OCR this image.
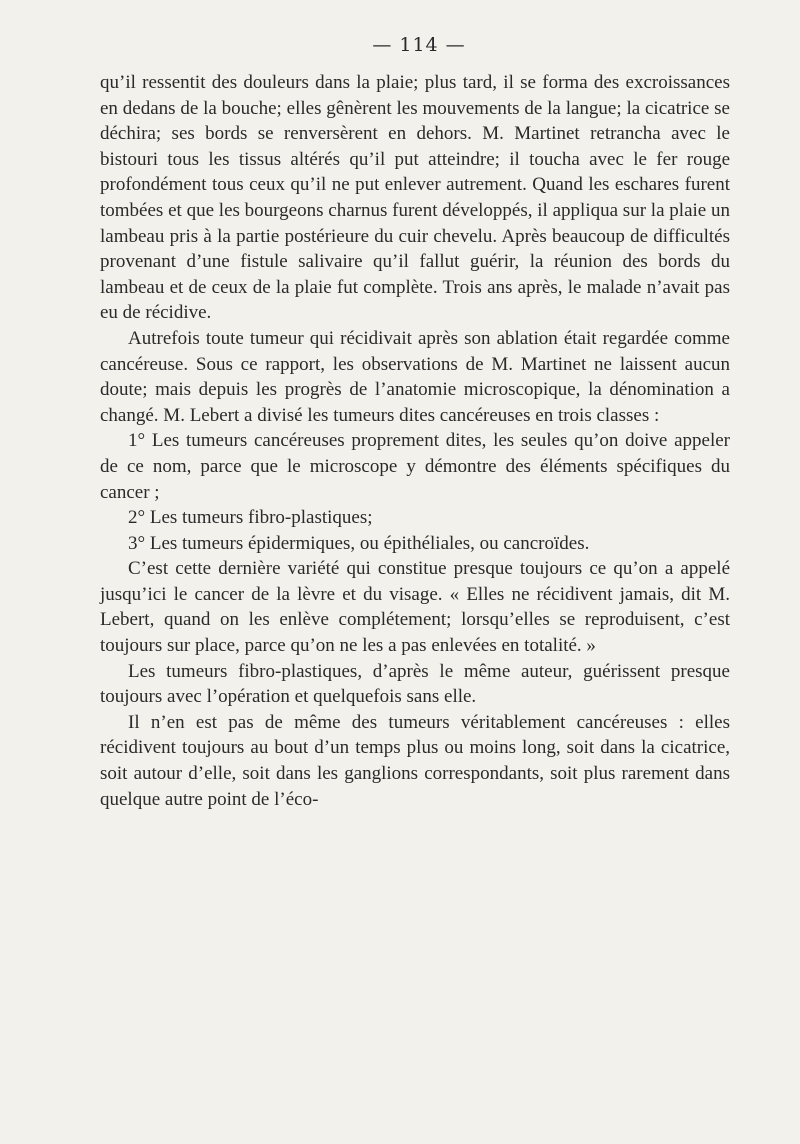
— 114 —

qu’il ressentit des douleurs dans la plaie; plus tard, il se forma des excroissances en dedans de la bouche; elles gênèrent les mouvements de la langue; la cicatrice se déchira; ses bords se renversèrent en dehors. M. Martinet retrancha avec le bistouri tous les tissus altérés qu’il put atteindre; il toucha avec le fer rouge profondément tous ceux qu’il ne put enlever autrement. Quand les eschares furent tombées et que les bourgeons charnus furent développés, il appliqua sur la plaie un lambeau pris à la partie postérieure du cuir chevelu. Après beaucoup de difficultés provenant d’une fistule salivaire qu’il fallut guérir, la réunion des bords du lambeau et de ceux de la plaie fut complète. Trois ans après, le malade n’avait pas eu de récidive.

Autrefois toute tumeur qui récidivait après son ablation était regardée comme cancéreuse. Sous ce rapport, les observations de M. Martinet ne laissent aucun doute; mais depuis les progrès de l’anatomie microscopique, la dénomination a changé. M. Lebert a divisé les tumeurs dites cancéreuses en trois classes :

1° Les tumeurs cancéreuses proprement dites, les seules qu’on doive appeler de ce nom, parce que le microscope y démontre des éléments spécifiques du cancer ;

2° Les tumeurs fibro-plastiques;

3° Les tumeurs épidermiques, ou épithéliales, ou cancroïdes.

C’est cette dernière variété qui constitue presque toujours ce qu’on a appelé jusqu’ici le cancer de la lèvre et du visage. « Elles ne récidivent jamais, dit M. Lebert, quand on les enlève complétement; lorsqu’elles se reproduisent, c’est toujours sur place, parce qu’on ne les a pas enlevées en totalité. »

Les tumeurs fibro-plastiques, d’après le même auteur, guérissent presque toujours avec l’opération et quelquefois sans elle.

Il n’en est pas de même des tumeurs véritablement cancéreuses : elles récidivent toujours au bout d’un temps plus ou moins long, soit dans la cicatrice, soit autour d’elle, soit dans les ganglions correspondants, soit plus rarement dans quelque autre point de l’éco-
